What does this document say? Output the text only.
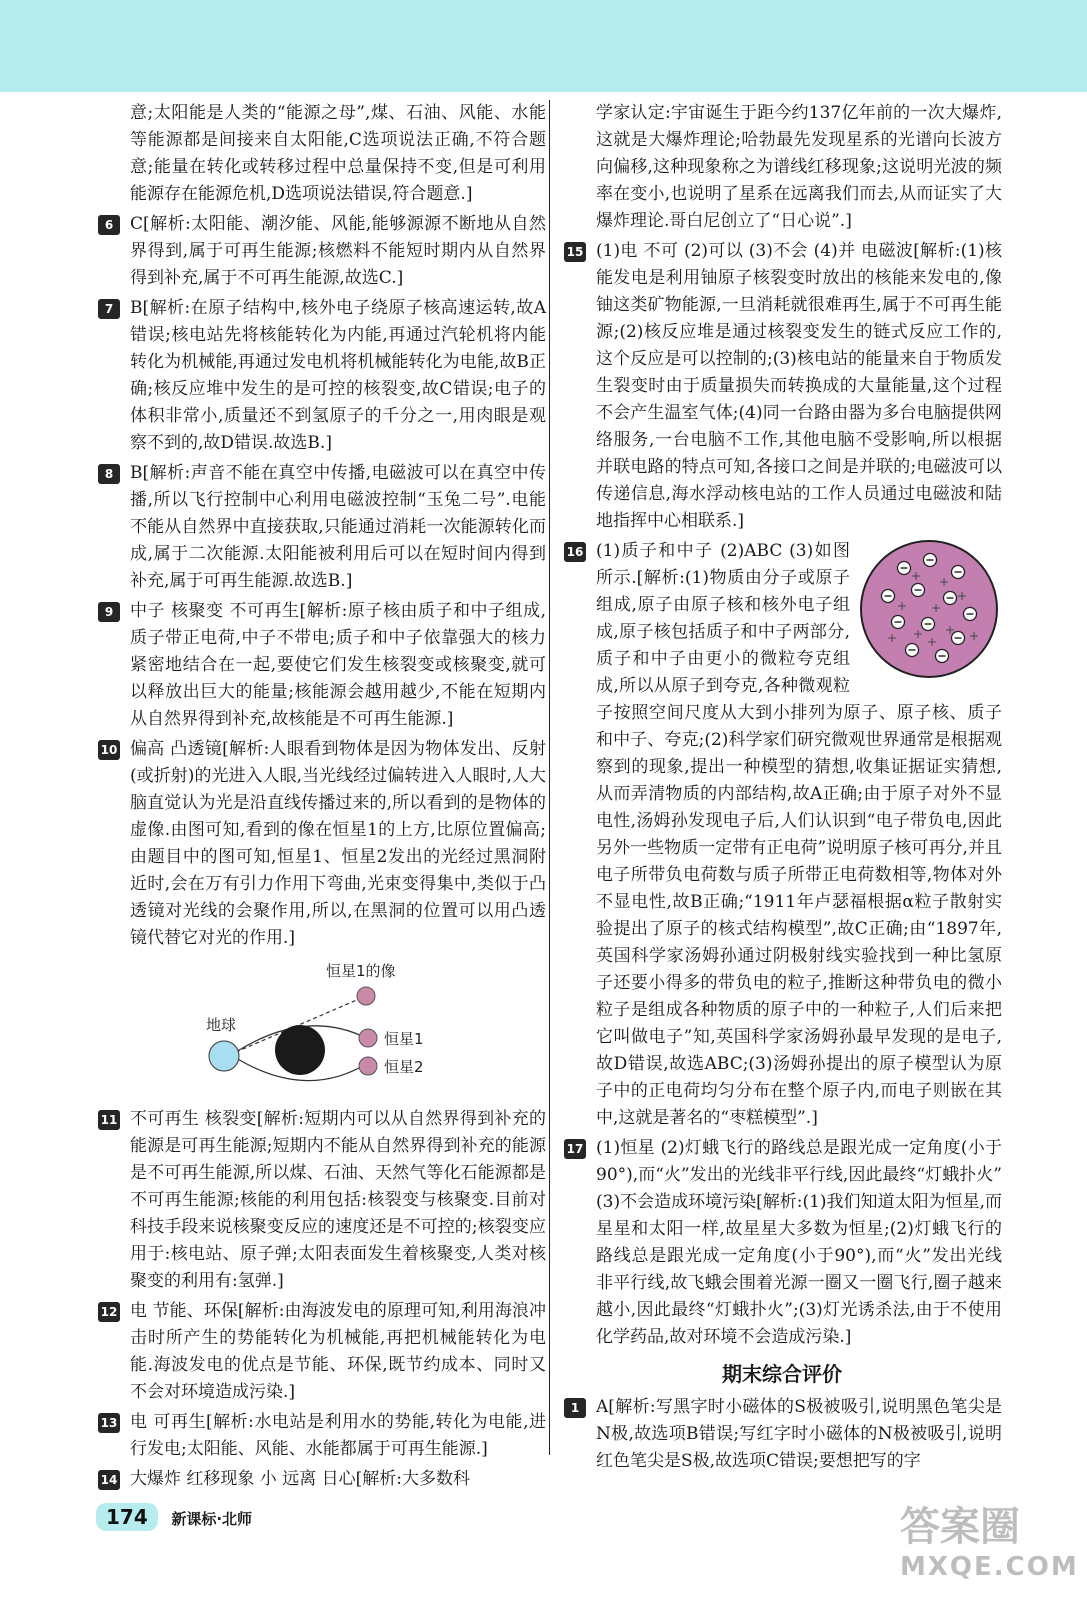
意;太阳能是人类的“能源之母”,煤、石油、风能、水能等能源都是间接来自太阳能,C选项说法正确,不符合题意;能量在转化或转移过程中总量保持不变,但是可利用能源存在能源危机,D选项说法错误,符合题意.]
6 C[解析:太阳能、潮汐能、风能,能够源源不断地从自然界得到,属于可再生能源;核燃料不能短时期内从自然界得到补充,属于不可再生能源,故选C.]
7 B[解析:在原子结构中,核外电子绕原子核高速运转,故A错误;核电站先将核能转化为内能,再通过汽轮机将内能转化为机械能,再通过发电机将机械能转化为电能,故B正确;核反应堆中发生的是可控的核裂变,故C错误;电子的体积非常小,质量还不到氢原子的千分之一,用肉眼是观察不到的,故D错误.故选B.]
8 B[解析:声音不能在真空中传播,电磁波可以在真空中传播,所以飞行控制中心利用电磁波控制“玉兔二号”.电能不能从自然界中直接获取,只能通过消耗一次能源转化而成,属于二次能源.太阳能被利用后可以在短时间内得到补充,属于可再生能源.故选B.]
9 中子 核聚变 不可再生[解析:原子核由质子和中子组成,质子带正电荷,中子不带电;质子和中子依靠强大的核力紧密地结合在一起,要使它们发生核裂变或核聚变,就可以释放出巨大的能量;核能源会越用越少,不能在短期内从自然界得到补充,故核能是不可再生能源.]
10 偏高 凸透镜[解析:人眼看到物体是因为物体发出、反射(或折射)的光进入人眼,当光线经过偏转进入人眼时,人大脑直觉认为光是沿直线传播过来的,所以看到的是物体的虚像.由图可知,看到的像在恒星1的上方,比原位置偏高;由题目中的图可知,恒星1、恒星2发出的光经过黑洞附近时,会在万有引力作用下弯曲,光束变得集中,类似于凸透镜对光线的会聚作用,所以,在黑洞的位置可以用凸透镜代替它对光的作用.]
恒星1的像
地球
恒星1
恒星2
11 不可再生 核裂变[解析:短期内可以从自然界得到补充的能源是可再生能源;短期内不能从自然界得到补充的能源是不可再生能源,所以煤、石油、天然气等化石能源都是不可再生能源;核能的利用包括:核裂变与核聚变.目前对科技手段来说核聚变反应的速度还是不可控的;核裂变应用于:核电站、原子弹;太阳表面发生着核聚变,人类对核聚变的利用有:氢弹.]
12 电 节能、环保[解析:由海波发电的原理可知,利用海浪冲击时所产生的势能转化为机械能,再把机械能转化为电能.海波发电的优点是节能、环保,既节约成本、同时又不会对环境造成污染.]
13 电 可再生[解析:水电站是利用水的势能,转化为电能,进行发电;太阳能、风能、水能都属于可再生能源.]
14 大爆炸 红移现象 小 远离 日心[解析:大多数科
学家认定:宇宙诞生于距今约137亿年前的一次大爆炸,这就是大爆炸理论;哈勃最先发现星系的光谱向长波方向偏移,这种现象称之为谱线红移现象;这说明光波的频率在变小,也说明了星系在远离我们而去,从而证实了大爆炸理论.哥白尼创立了“日心说”.]
15 (1)电 不可 (2)可以 (3)不会 (4)并 电磁波[解析:(1)核能发电是利用铀原子核裂变时放出的核能来发电的,像铀这类矿物能源,一旦消耗就很难再生,属于不可再生能源;(2)核反应堆是通过核裂变发生的链式反应工作的,这个反应是可以控制的;(3)核电站的能量来自于物质发生裂变时由于质量损失而转换成的大量能量,这个过程不会产生温室气体;(4)同一台路由器为多台电脑提供网络服务,一台电脑不工作,其他电脑不受影响,所以根据并联电路的特点可知,各接口之间是并联的;电磁波可以传递信息,海水浮动核电站的工作人员通过电磁波和陆地指挥中心相联系.]
16
+ +
+ +
+
+ +
+ +	+
(1)质子和中子 (2)ABC (3)如图所示.[解析:(1)物质由分子或原子组成,原子由原子核和核外电子组成,原子核包括质子和中子两部分,质子和中子由更小的微粒夸克组成,所以从原子到夸克,各种微观粒子按照空间尺度从大到小排列为原子、原子核、质子和中子、夸克;(2)科学家们研究微观世界通常是根据观察到的现象,提出一种模型的猜想,收集证据证实猜想,从而弄清物质的内部结构,故A正确;由于原子对外不显电性,汤姆孙发现电子后,人们认识到“电子带负电,因此另外一些物质一定带有正电荷”说明原子核可再分,并且电子所带负电荷数与质子所带正电荷数相等,物体对外不显电性,故B正确;“1911年卢瑟福根据α粒子散射实验提出了原子的核式结构模型”,故C正确;由“1897年,英国科学家汤姆孙通过阴极射线实验找到一种比氢原子还要小得多的带负电的粒子,推断这种带负电的微小粒子是组成各种物质的原子中的一种粒子,人们后来把它叫做电子”知,英国科学家汤姆孙最早发现的是电子,故D错误,故选ABC;(3)汤姆孙提出的原子模型认为原子中的正电荷均匀分布在整个原子内,而电子则嵌在其中,这就是著名的“枣糕模型”.]
17 (1)恒星 (2)灯蛾飞行的路线总是跟光成一定角度(小于90°),而“火”发出的光线非平行线,因此最终“灯蛾扑火” (3)不会造成环境污染[解析:(1)我们知道太阳为恒星,而星星和太阳一样,故星星大多数为恒星;(2)灯蛾飞行的路线总是跟光成一定角度(小于90°),而“火”发出光线非平行线,故飞蛾会围着光源一圈又一圈飞行,圈子越来越小,因此最终“灯蛾扑火”;(3)灯光诱杀法,由于不使用化学药品,故对环境不会造成污染.]
期末综合评价
1 A[解析:写黑字时小磁体的S极被吸引,说明黑色笔尖是N极,故选项B错误;写红字时小磁体的N极被吸引,说明红色笔尖是S极,故选项C错误;要想把写的字
174 新课标·北师	答案圈
MXQE.COM
